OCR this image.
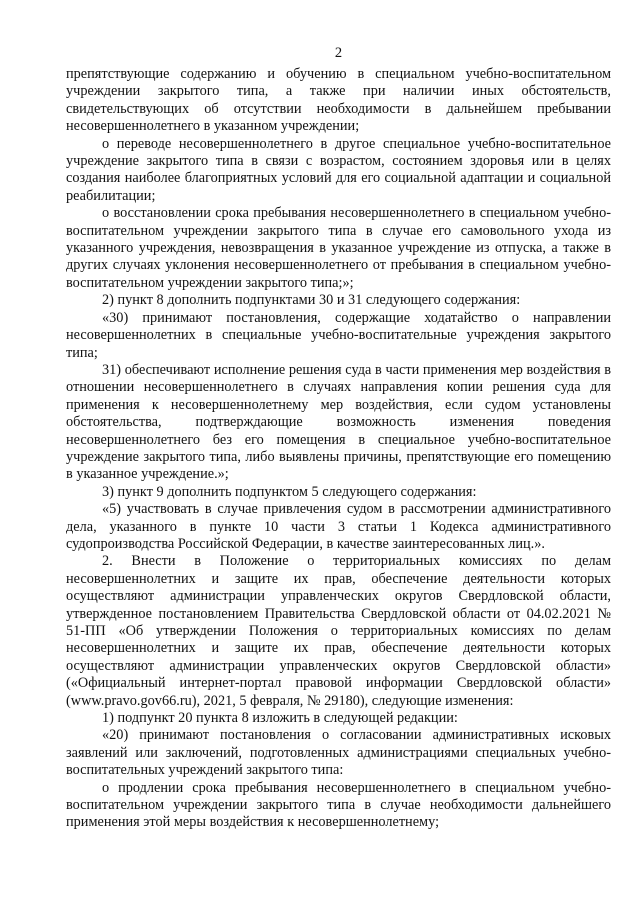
2

препятствующие содержанию и обучению в специальном учебно-воспитательном учреждении закрытого типа, а также при наличии иных обстоятельств, свидетельствующих об отсутствии необходимости в дальнейшем пребывании несовершеннолетнего в указанном учреждении;

о переводе несовершеннолетнего в другое специальное учебно-воспитательное учреждение закрытого типа в связи с возрастом, состоянием здоровья или в целях создания наиболее благоприятных условий для его социальной адаптации и социальной реабилитации;

о восстановлении срока пребывания несовершеннолетнего в специальном учебно-воспитательном учреждении закрытого типа в случае его самовольного ухода из указанного учреждения, невозвращения в указанное учреждение из отпуска, а также в других случаях уклонения несовершеннолетнего от пребывания в специальном учебно-воспитательном учреждении закрытого типа;»;

2) пункт 8 дополнить подпунктами 30 и 31 следующего содержания:

«30) принимают постановления, содержащие ходатайство о направлении несовершеннолетних в специальные учебно-воспитательные учреждения закрытого типа;

31) обеспечивают исполнение решения суда в части применения мер воздействия в отношении несовершеннолетнего в случаях направления копии решения суда для применения к несовершеннолетнему мер воздействия, если судом установлены обстоятельства, подтверждающие возможность изменения поведения несовершеннолетнего без его помещения в специальное учебно-воспитательное учреждение закрытого типа, либо выявлены причины, препятствующие его помещению в указанное учреждение.»;

3) пункт 9 дополнить подпунктом 5 следующего содержания:

«5) участвовать в случае привлечения судом в рассмотрении административного дела, указанного в пункте 10 части 3 статьи 1 Кодекса административного судопроизводства Российской Федерации, в качестве заинтересованных лиц.».

2. Внести в Положение о территориальных комиссиях по делам несовершеннолетних и защите их прав, обеспечение деятельности которых осуществляют администрации управленческих округов Свердловской области, утвержденное постановлением Правительства Свердловской области от 04.02.2021 № 51-ПП «Об утверждении Положения о территориальных комиссиях по делам несовершеннолетних и защите их прав, обеспечение деятельности которых осуществляют администрации управленческих округов Свердловской области» («Официальный интернет-портал правовой информации Свердловской области» (www.pravo.gov66.ru), 2021, 5 февраля, № 29180), следующие изменения:

1) подпункт 20 пункта 8 изложить в следующей редакции:

«20) принимают постановления о согласовании административных исковых заявлений или заключений, подготовленных администрациями специальных учебно-воспитательных учреждений закрытого типа:

о продлении срока пребывания несовершеннолетнего в специальном учебно-воспитательном учреждении закрытого типа в случае необходимости дальнейшего применения этой меры воздействия к несовершеннолетнему;
